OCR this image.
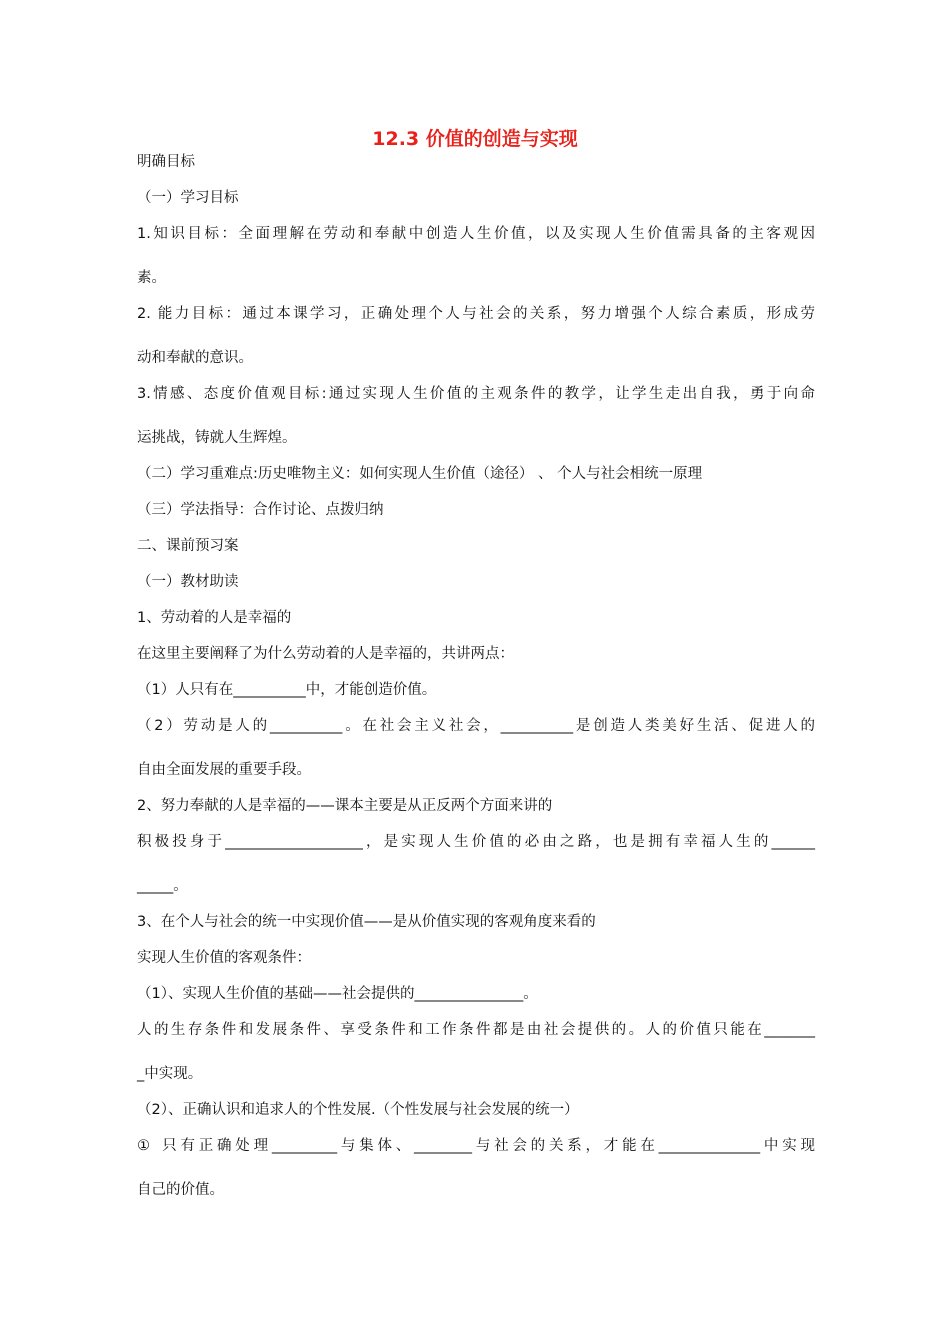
12.3 价值的创造与实现

明确目标

（一）学习目标

1.知识目标：全面理解在劳动和奉献中创造人生价值，以及实现人生价值需具备的主客观因

素。

2. 能力目标：通过本课学习，正确处理个人与社会的关系，努力增强个人综合素质，形成劳

动和奉献的意识。

3.情感、态度价值观目标:通过实现人生价值的主观条件的教学，让学生走出自我，勇于向命

运挑战，铸就人生辉煌。

（二）学习重难点:历史唯物主义：如何实现人生价值（途径） 、 个人与社会相统一原理

（三）学法指导：合作讨论、点拨归纳

二、课前预习案

（一）教材助读

1、劳动着的人是幸福的

在这里主要阐释了为什么劳动着的人是幸福的，共讲两点：

（1）人只有在__________中，才能创造价值。

（2）劳动是人的__________。在社会主义社会，__________是创造人类美好生活、促进人的

自由全面发展的重要手段。

2、努力奉献的人是幸福的——课本主要是从正反两个方面来讲的

积极投身于___________________，是实现人生价值的必由之路，也是拥有幸福人生的______

_____。

3、在个人与社会的统一中实现价值——是从价值实现的客观角度来看的

实现人生价值的客观条件：

（1）、实现人生价值的基础——社会提供的_______________。

人的生存条件和发展条件、享受条件和工作条件都是由社会提供的。人的价值只能在_______

_中实现。

（2）、正确认识和追求人的个性发展.（个性发展与社会发展的统一）

① 只有正确处理_________与集体、________与社会的关系，才能在______________中实现

自己的价值。
